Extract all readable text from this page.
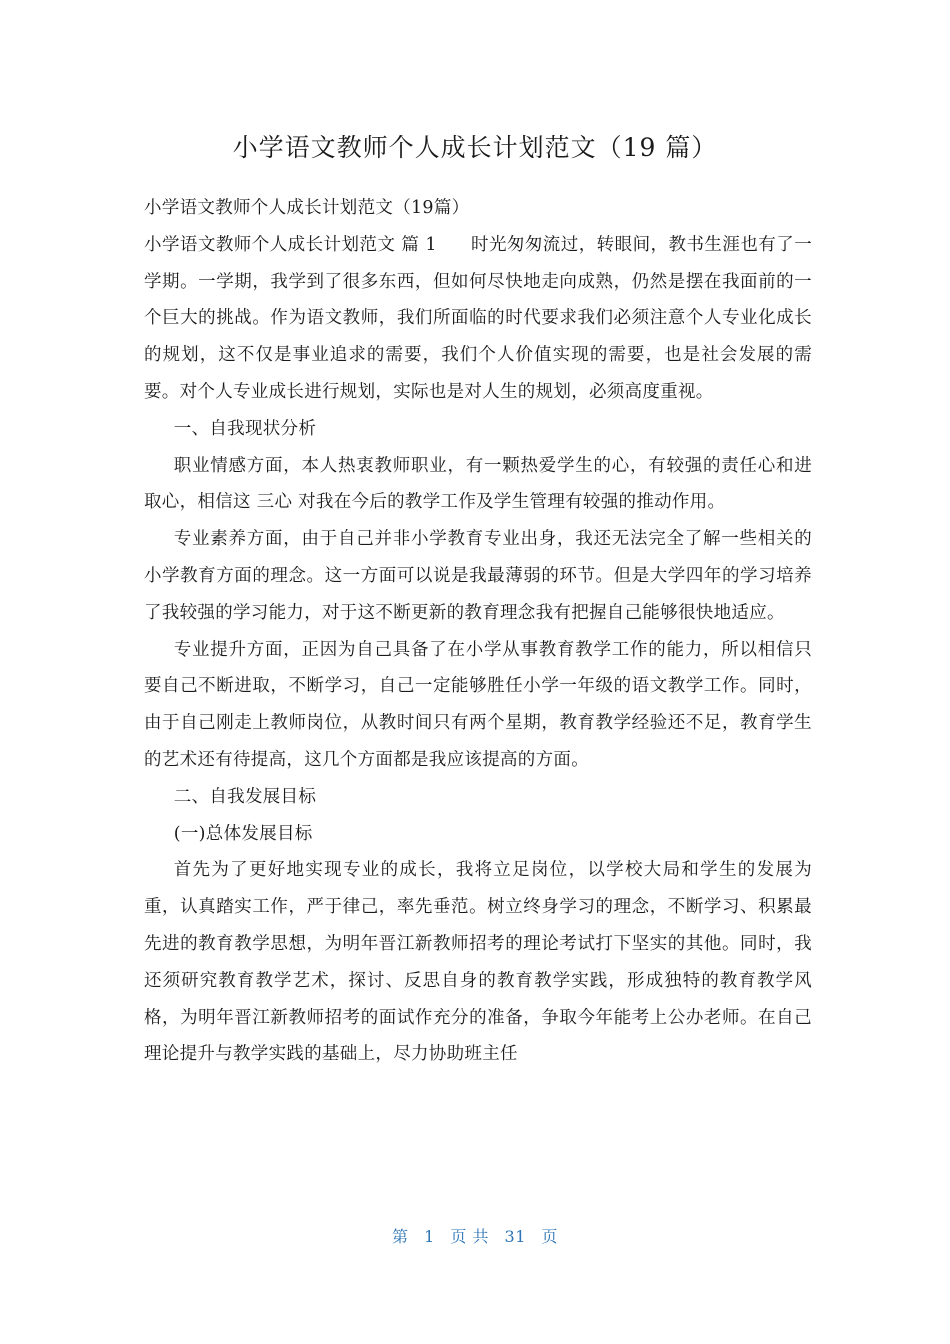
小学语文教师个人成长计划范文（19 篇）

小学语文教师个人成长计划范文（19篇）

小学语文教师个人成长计划范文 篇 1 时光匆匆流过，转眼间，教书生涯也有了一学期。一学期，我学到了很多东西，但如何尽快地走向成熟，仍然是摆在我面前的一个巨大的挑战。作为语文教师，我们所面临的时代要求我们必须注意个人专业化成长的规划，这不仅是事业追求的需要，我们个人价值实现的需要，也是社会发展的需要。对个人专业成长进行规划，实际也是对人生的规划，必须高度重视。

一、自我现状分析

职业情感方面，本人热衷教师职业，有一颗热爱学生的心，有较强的责任心和进取心，相信这 三心 对我在今后的教学工作及学生管理有较强的推动作用。

专业素养方面，由于自己并非小学教育专业出身，我还无法完全了解一些相关的小学教育方面的理念。这一方面可以说是我最薄弱的环节。但是大学四年的学习培养了我较强的学习能力，对于这不断更新的教育理念我有把握自己能够很快地适应。

专业提升方面，正因为自己具备了在小学从事教育教学工作的能力，所以相信只要自己不断进取，不断学习，自己一定能够胜任小学一年级的语文教学工作。同时，由于自己刚走上教师岗位，从教时间只有两个星期，教育教学经验还不足，教育学生的艺术还有待提高，这几个方面都是我应该提高的方面。

二、自我发展目标

(一)总体发展目标

首先为了更好地实现专业的成长，我将立足岗位，以学校大局和学生的发展为重，认真踏实工作，严于律己，率先垂范。树立终身学习的理念，不断学习、积累最先进的教育教学思想，为明年晋江新教师招考的理论考试打下坚实的其他。同时，我还须研究教育教学艺术，探讨、反思自身的教育教学实践，形成独特的教育教学风格，为明年晋江新教师招考的面试作充分的准备，争取今年能考上公办老师。在自己理论提升与教学实践的基础上，尽力协助班主任

第 1 页 共 31 页
